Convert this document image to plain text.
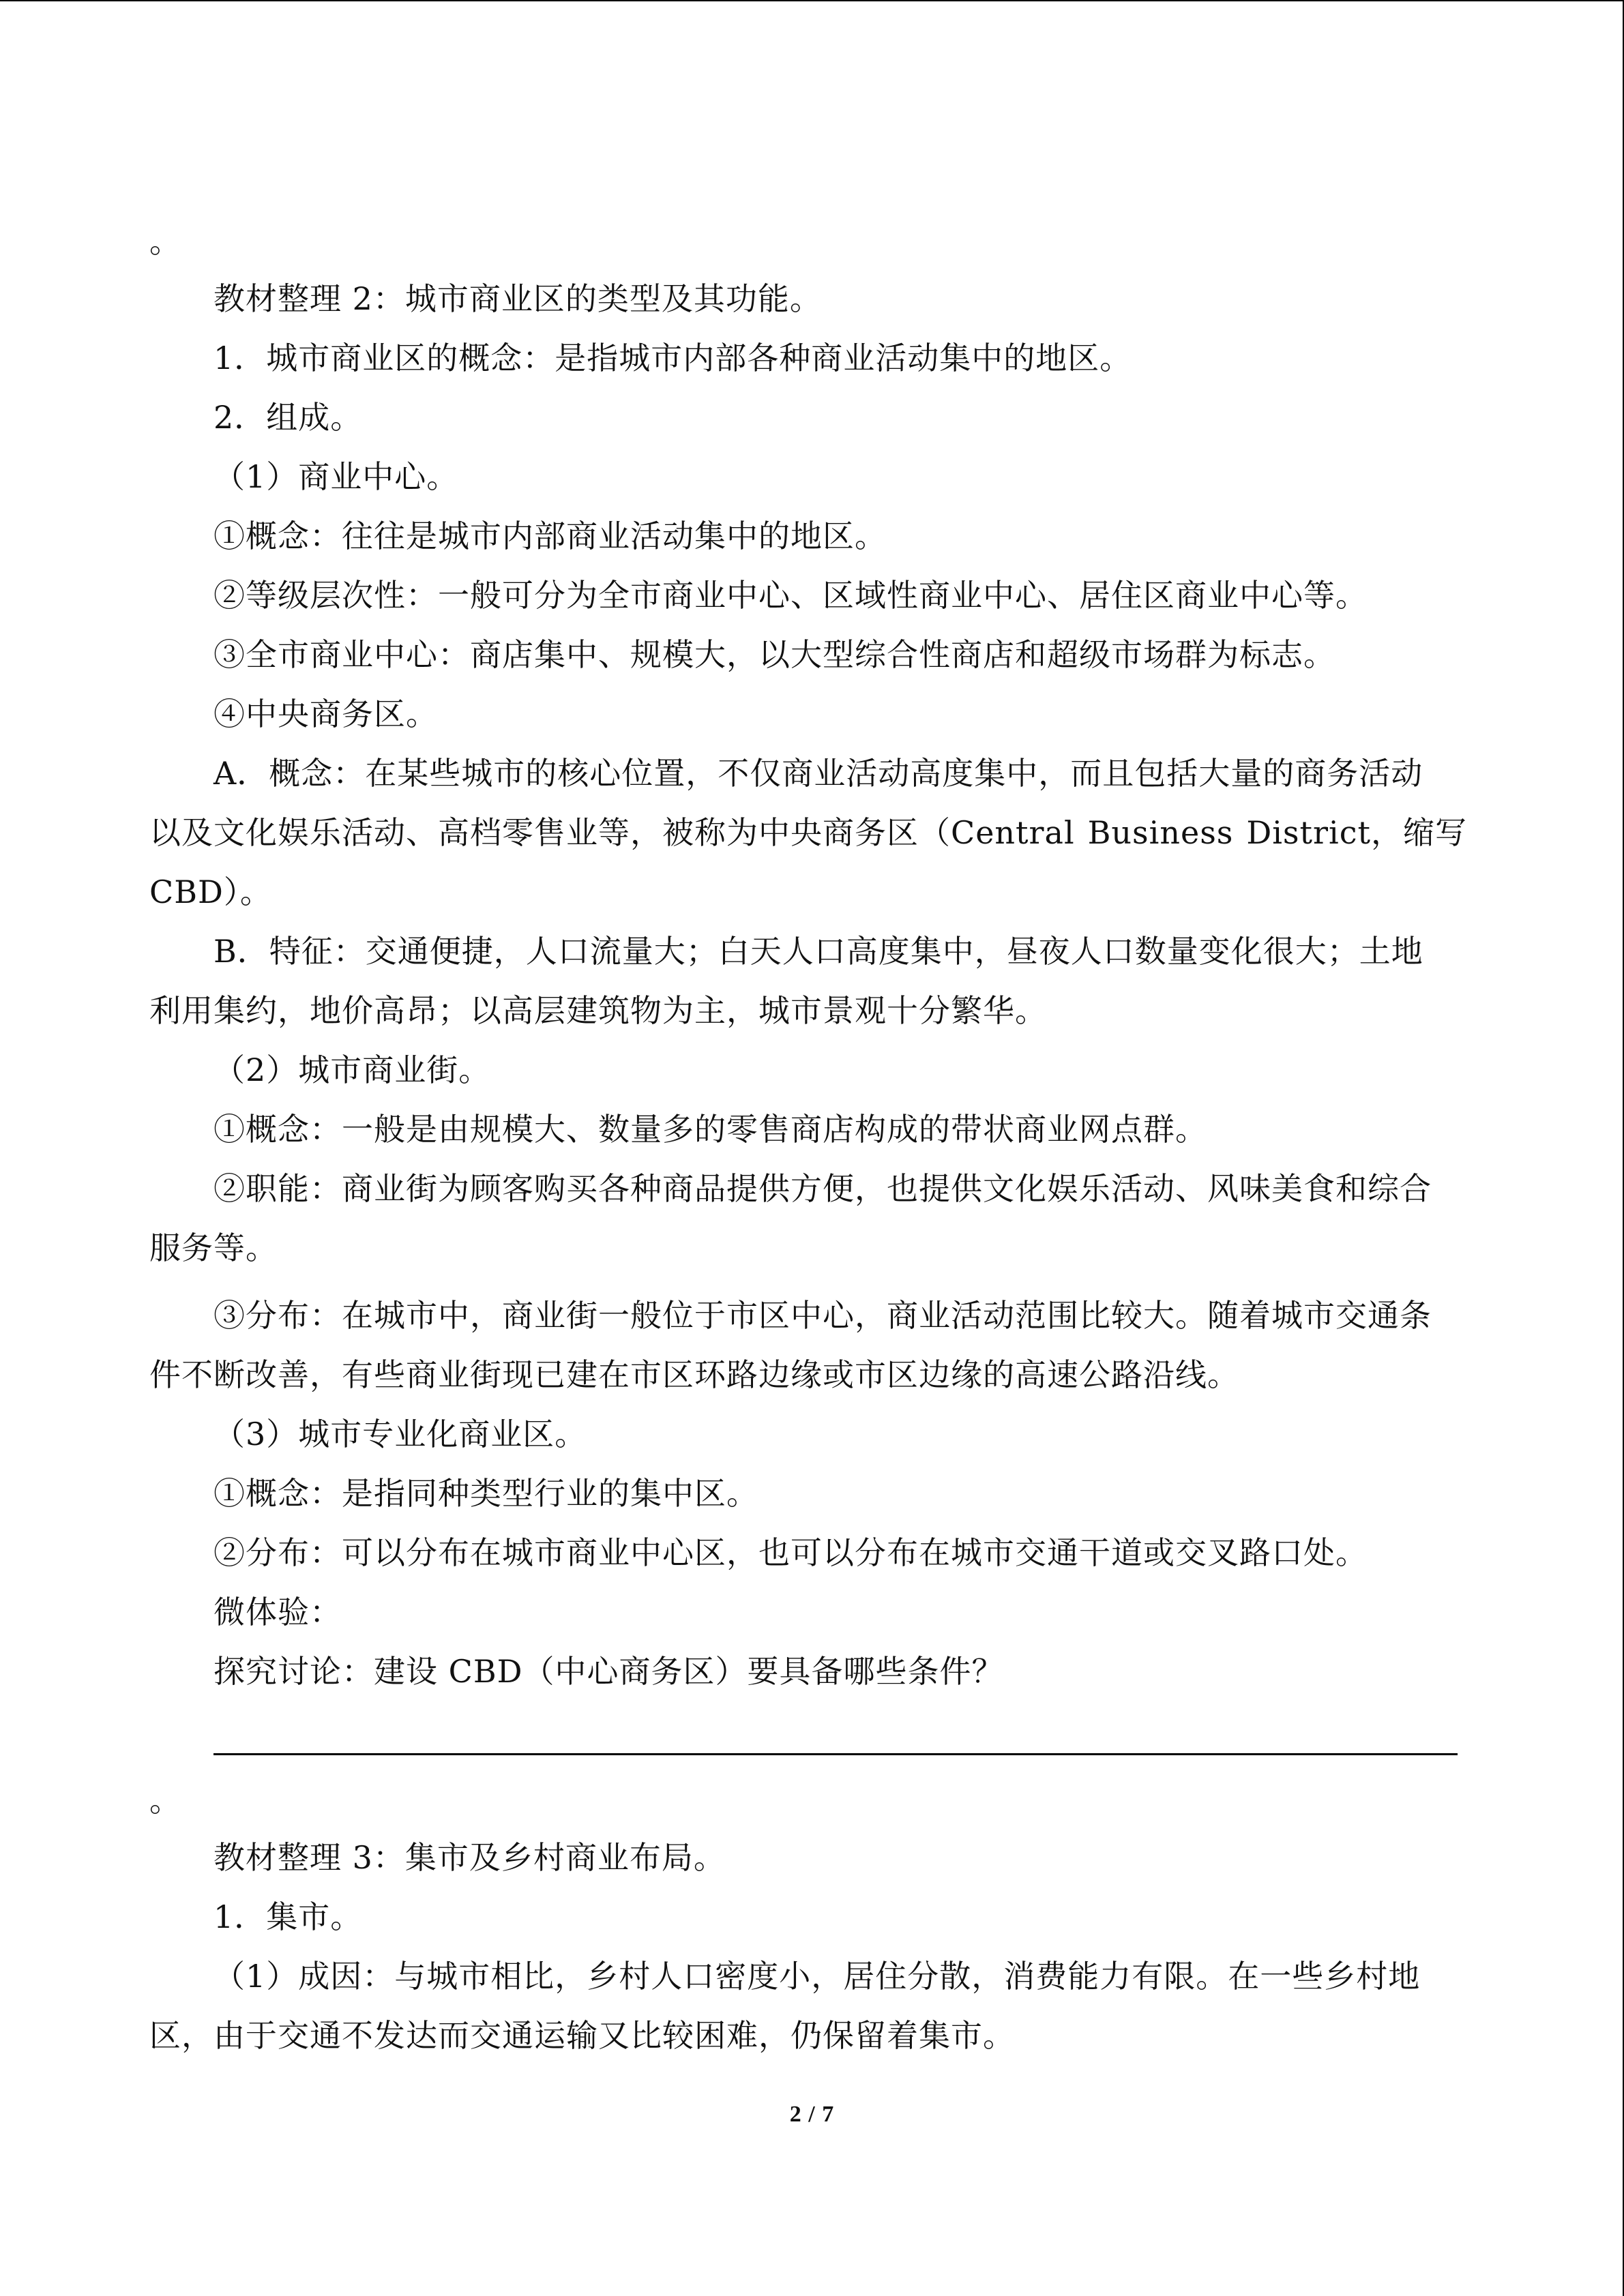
。
教材整理 2：城市商业区的类型及其功能。
1．城市商业区的概念：是指城市内部各种商业活动集中的地区。
2．组成。
（1）商业中心。
①概念：往往是城市内部商业活动集中的地区。
②等级层次性：一般可分为全市商业中心、区域性商业中心、居住区商业中心等。
③全市商业中心：商店集中、规模大，以大型综合性商店和超级市场群为标志。
④中央商务区。
A．概念：在某些城市的核心位置，不仅商业活动高度集中，而且包括大量的商务活动
以及文化娱乐活动、高档零售业等，被称为中央商务区（Central Business District，缩写
CBD）。
B．特征：交通便捷，人口流量大；白天人口高度集中，昼夜人口数量变化很大；土地
利用集约，地价高昂；以高层建筑物为主，城市景观十分繁华。
（2）城市商业街。
①概念：一般是由规模大、数量多的零售商店构成的带状商业网点群。
②职能：商业街为顾客购买各种商品提供方便，也提供文化娱乐活动、风味美食和综合
服务等。
③分布：在城市中，商业街一般位于市区中心，商业活动范围比较大。随着城市交通条
件不断改善，有些商业街现已建在市区环路边缘或市区边缘的高速公路沿线。
（3）城市专业化商业区。
①概念：是指同种类型行业的集中区。
②分布：可以分布在城市商业中心区，也可以分布在城市交通干道或交叉路口处。
微体验：
探究讨论：建设 CBD（中心商务区）要具备哪些条件？
。
教材整理 3：集市及乡村商业布局。
1．集市。
（1）成因：与城市相比，乡村人口密度小，居住分散，消费能力有限。在一些乡村地
区，由于交通不发达而交通运输又比较困难，仍保留着集市。
2 / 7
